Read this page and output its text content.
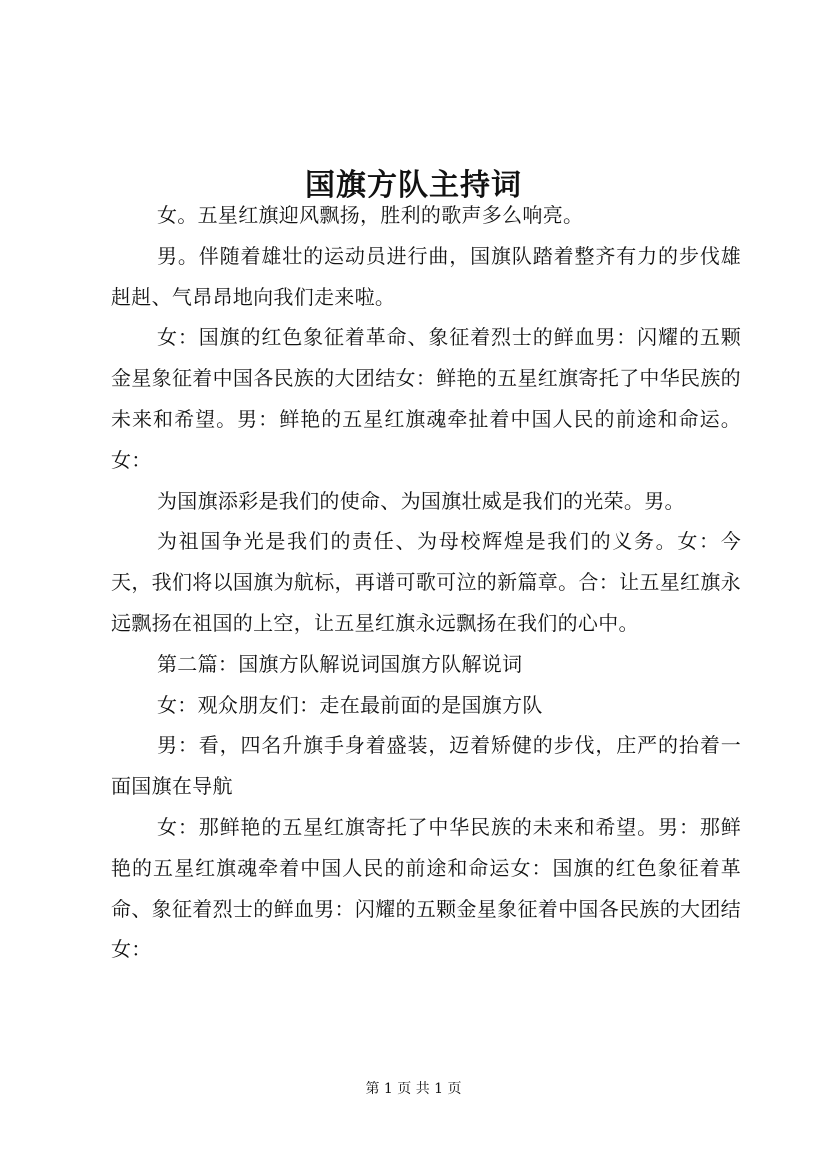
国旗方队主持词

女。五星红旗迎风飘扬，胜利的歌声多么响亮。

男。伴随着雄壮的运动员进行曲，国旗队踏着整齐有力的步伐雄赳赳、气昂昂地向我们走来啦。

女：国旗的红色象征着革命、象征着烈士的鲜血男：闪耀的五颗金星象征着中国各民族的大团结女：鲜艳的五星红旗寄托了中华民族的未来和希望。男：鲜艳的五星红旗魂牵扯着中国人民的前途和命运。女：

为国旗添彩是我们的使命、为国旗壮威是我们的光荣。男。

为祖国争光是我们的责任、为母校辉煌是我们的义务。女：今天，我们将以国旗为航标，再谱可歌可泣的新篇章。合：让五星红旗永远飘扬在祖国的上空，让五星红旗永远飘扬在我们的心中。

第二篇：国旗方队解说词国旗方队解说词

女：观众朋友们：走在最前面的是国旗方队

男：看，四名升旗手身着盛装，迈着矫健的步伐，庄严的抬着一面国旗在导航

女：那鲜艳的五星红旗寄托了中华民族的未来和希望。男：那鲜艳的五星红旗魂牵着中国人民的前途和命运女：国旗的红色象征着革命、象征着烈士的鲜血男：闪耀的五颗金星象征着中国各民族的大团结女：

第 1 页 共 1 页
